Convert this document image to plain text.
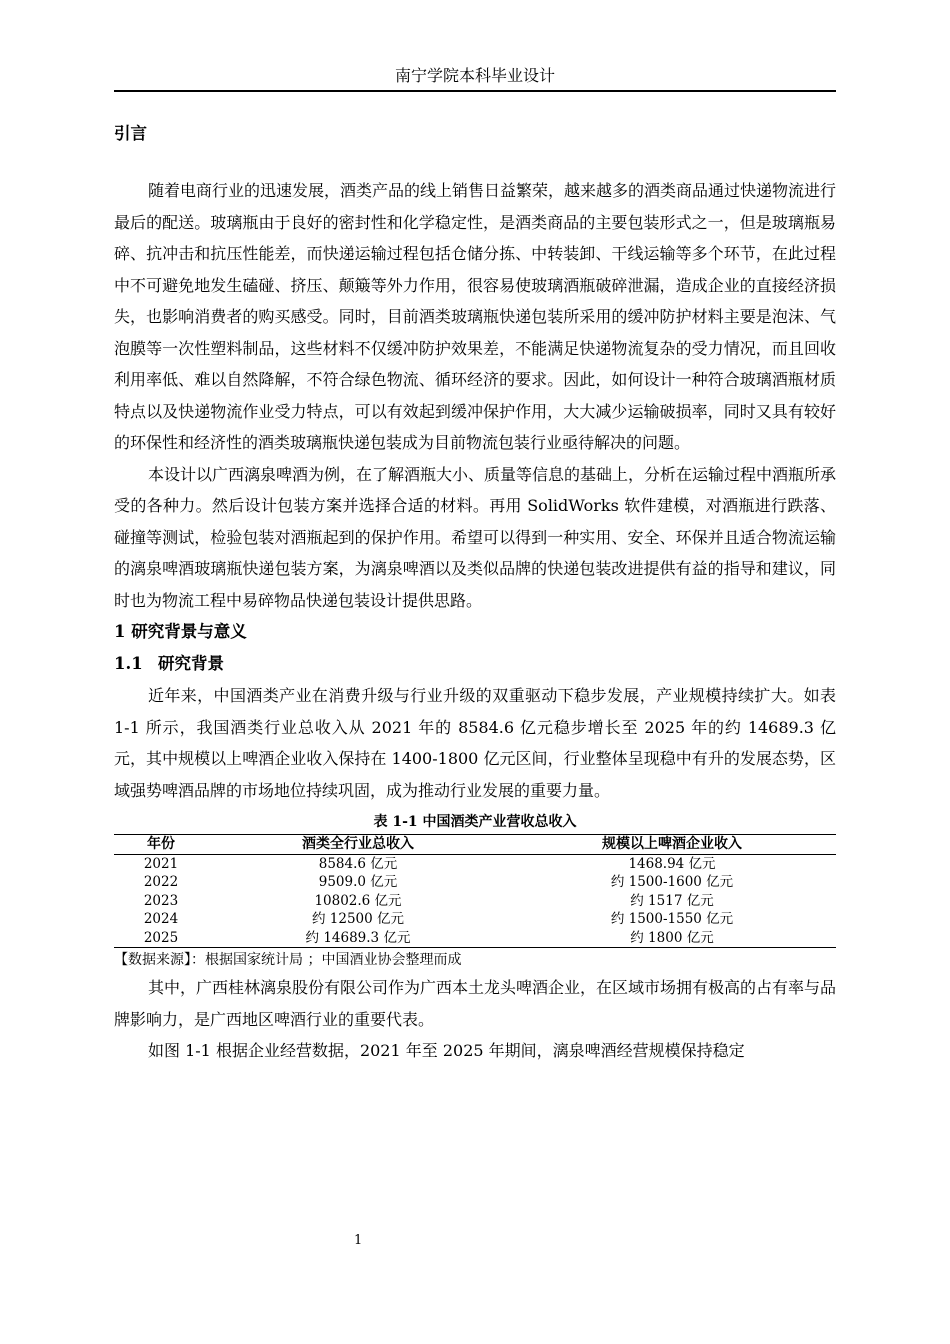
南宁学院本科毕业设计
引言

随着电商行业的迅速发展，酒类产品的线上销售日益繁荣，越来越多的酒类商品通过快递物流进行最后的配送。玻璃瓶由于良好的密封性和化学稳定性，是酒类商品的主要包装形式之一，但是玻璃瓶易碎、抗冲击和抗压性能差，而快递运输过程包括仓储分拣、中转装卸、干线运输等多个环节，在此过程中不可避免地发生磕碰、挤压、颠簸等外力作用，很容易使玻璃酒瓶破碎泄漏，造成企业的直接经济损失，也影响消费者的购买感受。同时，目前酒类玻璃瓶快递包装所采用的缓冲防护材料主要是泡沫、气泡膜等一次性塑料制品，这些材料不仅缓冲防护效果差，不能满足快递物流复杂的受力情况，而且回收利用率低、难以自然降解，不符合绿色物流、循环经济的要求。因此，如何设计一种符合玻璃酒瓶材质特点以及快递物流作业受力特点，可以有效起到缓冲保护作用，大大减少运输破损率，同时又具有较好的环保性和经济性的酒类玻璃瓶快递包装成为目前物流包装行业亟待解决的问题。

本设计以广西漓泉啤酒为例，在了解酒瓶大小、质量等信息的基础上，分析在运输过程中酒瓶所承受的各种力。然后设计包装方案并选择合适的材料。再用 SolidWorks 软件建模，对酒瓶进行跌落、碰撞等测试，检验包装对酒瓶起到的保护作用。希望可以得到一种实用、安全、环保并且适合物流运输的漓泉啤酒玻璃瓶快递包装方案，为漓泉啤酒以及类似品牌的快递包装改进提供有益的指导和建议，同时也为物流工程中易碎物品快递包装设计提供思路。

1 研究背景与意义
1.1 研究背景

近年来，中国酒类产业在消费升级与行业升级的双重驱动下稳步发展，产业规模持续扩大。如表 1-1 所示，我国酒类行业总收入从 2021 年的 8584.6 亿元稳步增长至 2025 年的约 14689.3 亿元，其中规模以上啤酒企业收入保持在 1400-1800 亿元区间，行业整体呈现稳中有升的发展态势，区域强势啤酒品牌的市场地位持续巩固，成为推动行业发展的重要力量。

表 1-1 中国酒类产业营收总收入
年份	酒类全行业总收入	规模以上啤酒企业收入
2021	8584.6 亿元	1468.94 亿元
2022	9509.0 亿元	约 1500-1600 亿元
2023	10802.6 亿元	约 1517 亿元
2024	约 12500 亿元	约 1500-1550 亿元
2025	约 14689.3 亿元	约 1800 亿元

【数据来源】：根据国家统计局 ；中国酒业协会整理而成

其中，广西桂林漓泉股份有限公司作为广西本土龙头啤酒企业，在区域市场拥有极高的占有率与品牌影响力，是广西地区啤酒行业的重要代表。

如图 1-1 根据企业经营数据，2021 年至 2025 年期间，漓泉啤酒经营规模保持稳定

1
